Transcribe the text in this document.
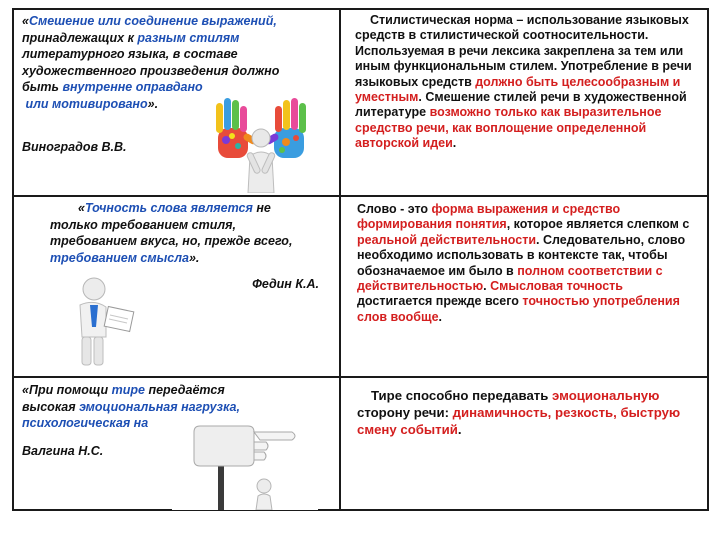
«Смешение или соединение выражений, принадлежащих к разным стилям литературного языка, в составе художественного произведения должно быть внутренне оправдано
или мотивировано».
Виноградов В.В.
Стилистическая норма – использование языковых средств в стилистической соотносительности. Используемая в речи лексика закреплена за тем или иным функциональным стилем. Употребление в речи языковых средств должно быть целесообразным и уместным. Смешение стилей речи в художественной литературе возможно только как выразительное средство речи, как воплощение определенной авторской идеи.
«Точность слова является не только требованием стиля, требованием вкуса, но, прежде всего, требованием смысла».
Федин К.А.
Слово - это форма выражения и средство формирования понятия, которое является слепком с реальной действительности. Следовательно, слово необходимо использовать в контексте так, чтобы обозначаемое им было в полном соответствии с действительностью. Смысловая точность достигается прежде всего точностью употребления слов вообще.
«При помощи тире передаётся высокая эмоциональная нагрузка, психологическая на
Валгина Н.С.
Тире способно передавать эмоциональную сторону речи: динамичность, резкость, быструю смену событий.
